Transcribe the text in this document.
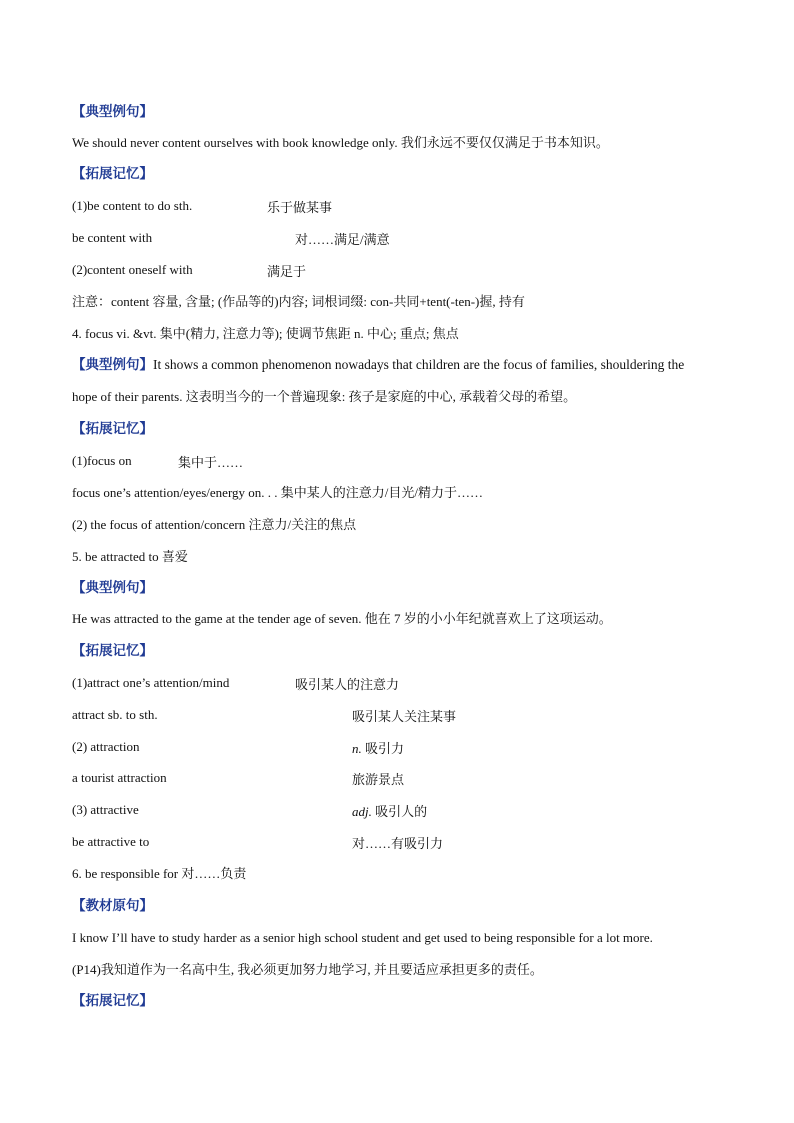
【典型例句】
We should never content ourselves with book knowledge only. 我们永远不要仅仅满足于书本知识。
【拓展记忆】
(1)be content to do sth.	乐于做某事
be content with	对……满足/满意
(2)content oneself with	满足于
注意：content 容量, 含量; (作品等的)内容; 词根词缀: con-共同+tent(-ten-)握, 持有
4. focus vi. &vt. 集中(精力, 注意力等); 使调节焦距 n. 中心; 重点; 焦点
【典型例句】It shows a common phenomenon nowadays that children are the focus of families, shouldering the
hope of their parents. 这表明当今的一个普遍现象: 孩子是家庭的中心, 承载着父母的希望。
【拓展记忆】
(1)focus on	集中于……
focus one’s attention/eyes/energy on. . . 集中某人的注意力/目光/精力于……
(2) the focus of attention/concern 注意力/关注的焦点
5. be attracted to 喜爱
【典型例句】
He was attracted to the game at the tender age of seven. 他在 7 岁的小小年纪就喜欢上了这项运动。
【拓展记忆】
(1)attract one’s attention/mind	吸引某人的注意力
attract sb. to sth.	吸引某人关注某事
(2) attraction	n. 吸引力
a tourist attraction	旅游景点
(3) attractive	adj. 吸引人的
be attractive to	对……有吸引力
6. be responsible for 对……负责
【教材原句】
I know I’ll have to study harder as a senior high school student and get used to being responsible for a lot more.
(P14)我知道作为一名高中生, 我必须更加努力地学习, 并且要适应承担更多的责任。
【拓展记忆】
